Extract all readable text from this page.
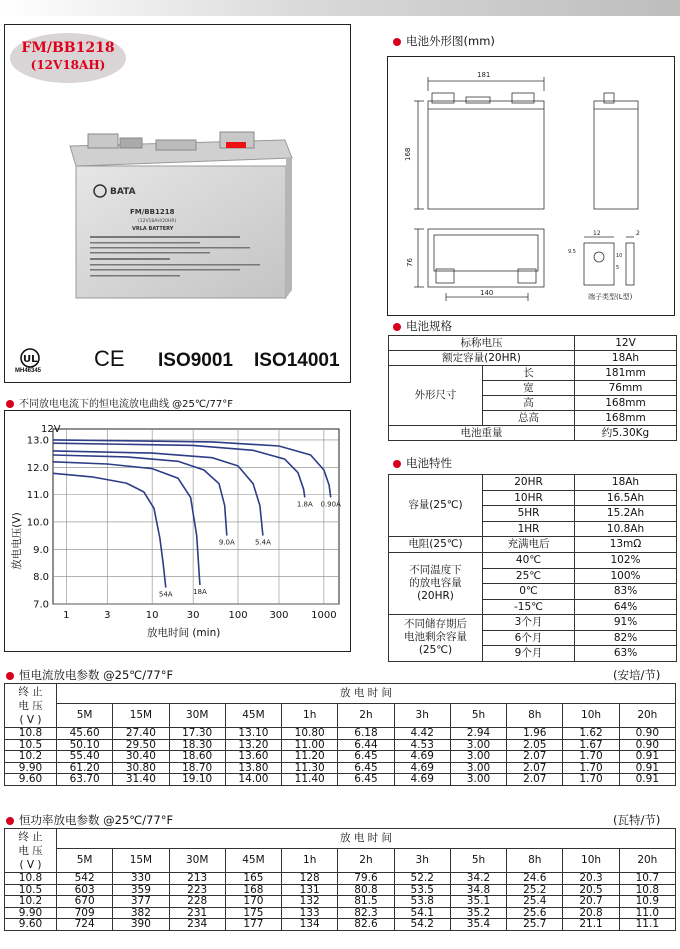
FM/BB1218
(12V18AH)
BATA
FM/BB1218
(12V18AH/20HR)
VRLA BATTERY
UL
MH46345 CE ISO9001 ISO14001
电池外形图(mm)
181
168
76
140
12	2
9.5
10
5
端子类型(L型)
电池规格
标称电压		12V
额定容量(20HR)		18Ah
外形尺寸	长	181mm
	宽	76mm
	高	168mm
	总高	168mm
电池重量		约5.30Kg
电池特性
容量(25℃)	20HR	18Ah
	10HR	16.5Ah
	5HR	15.2Ah
	1HR	10.8Ah
电阻(25℃)	充满电后	13mΩ

不同温度下
的放电容量
(20HR)	40℃	102%
	25℃	100%
	0℃	83%
	-15℃	64%

不同储存期后
电池剩余容量
(25℃)	3个月	91%
	6个月	82%
	9个月	63%
不同放电电流下的恒电流放电曲线 @25℃/77°F
7.0
8.0
9.0
10.0
11.0
12.0
13.0
1	3	10	30	100 300 1000
54A	18A
9.0A	5.4A
1.8A 0.90A
12V
放电时间 (min)
放电电压(V)
恒电流放电参数 @25℃/77°F	(安培/节)
终 止
电 压
( V )	放 电 时 间										
	5M	15M	30M	45M	1h	2h	3h	5h	8h	10h	20h
10.8	45.60	27.40	17.30	13.10	10.80	6.18	4.42	2.94	1.96	1.62	0.90
10.5	50.10	29.50	18.30	13.20	11.00	6.44	4.53	3.00	2.05	1.67	0.90
10.2	55.40	30.40	18.60	13.60	11.20	6.45	4.69	3.00	2.07	1.70	0.91
9.90	61.20	30.80	18.70	13.80	11.30	6.45	4.69	3.00	2.07	1.70	0.91
9.60	63.70	31.40	19.10	14.00	11.40	6.45	4.69	3.00	2.07	1.70	0.91
恒功率放电参数 @25℃/77°F	(瓦特/节)
终 止
电 压
( V )	放 电 时 间										
	5M	15M	30M	45M	1h	2h	3h	5h	8h	10h	20h
10.8	542	330	213	165	128	79.6	52.2	34.2	24.6	20.3	10.7
10.5	603	359	223	168	131	80.8	53.5	34.8	25.2	20.5	10.8
10.2	670	377	228	170	132	81.5	53.8	35.1	25.4	20.7	10.9
9.90	709	382	231	175	133	82.3	54.1	35.2	25.6	20.8	11.0
9.60	724	390	234	177	134	82.6	54.2	35.4	25.7	21.1	11.1
